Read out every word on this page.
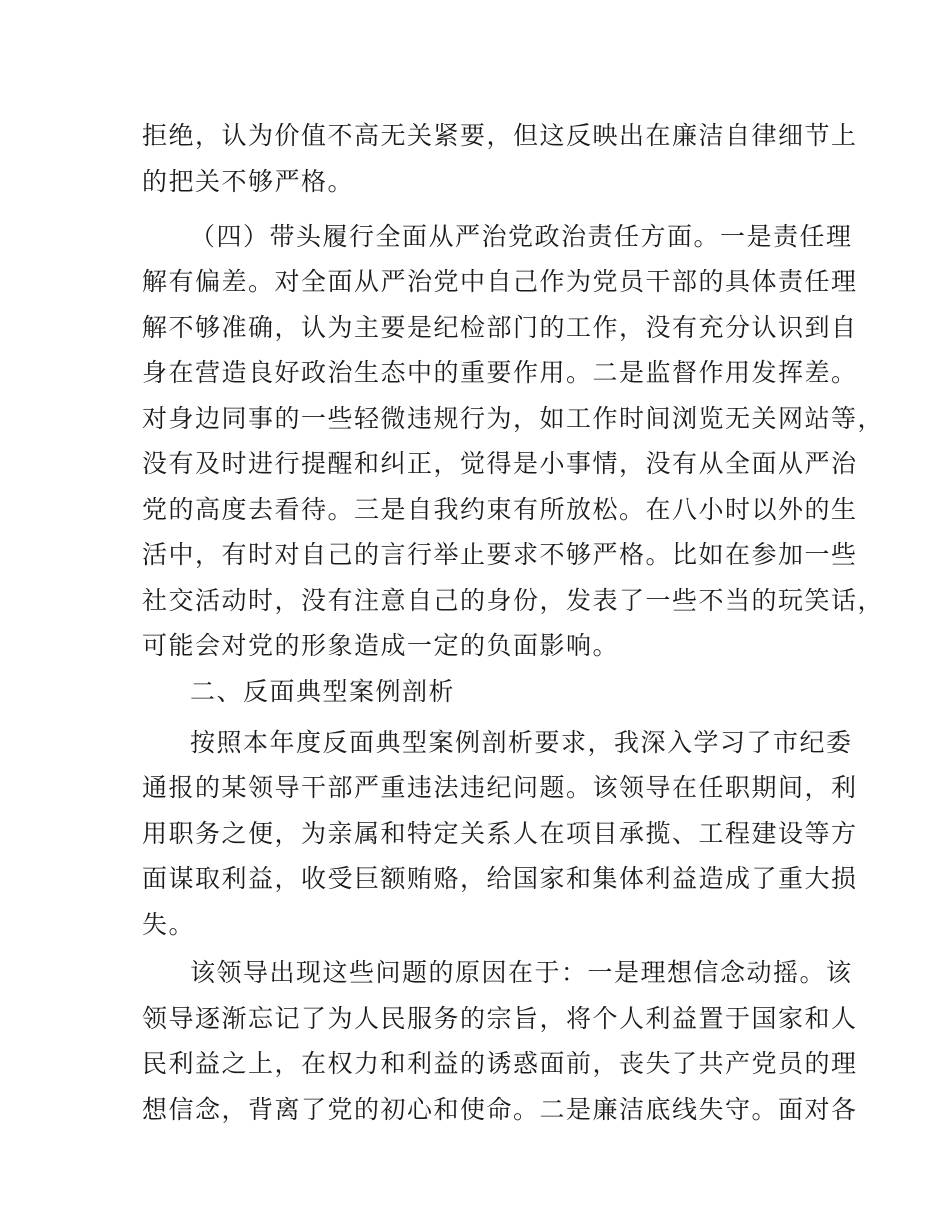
拒绝，认为价值不高无关紧要，但这反映出在廉洁自律细节上
的把关不够严格。
（四）带头履行全面从严治党政治责任方面。一是责任理
解有偏差。对全面从严治党中自己作为党员干部的具体责任理
解不够准确，认为主要是纪检部门的工作，没有充分认识到自
身在营造良好政治生态中的重要作用。二是监督作用发挥差。
对身边同事的一些轻微违规行为，如工作时间浏览无关网站等，
没有及时进行提醒和纠正，觉得是小事情，没有从全面从严治
党的高度去看待。三是自我约束有所放松。在八小时以外的生
活中，有时对自己的言行举止要求不够严格。比如在参加一些
社交活动时，没有注意自己的身份，发表了一些不当的玩笑话，
可能会对党的形象造成一定的负面影响。
二、反面典型案例剖析
按照本年度反面典型案例剖析要求，我深入学习了市纪委
通报的某领导干部严重违法违纪问题。该领导在任职期间，利
用职务之便，为亲属和特定关系人在项目承揽、工程建设等方
面谋取利益，收受巨额贿赂，给国家和集体利益造成了重大损
失。
该领导出现这些问题的原因在于：一是理想信念动摇。该
领导逐渐忘记了为人民服务的宗旨，将个人利益置于国家和人
民利益之上，在权力和利益的诱惑面前，丧失了共产党员的理
想信念，背离了党的初心和使命。二是廉洁底线失守。面对各
